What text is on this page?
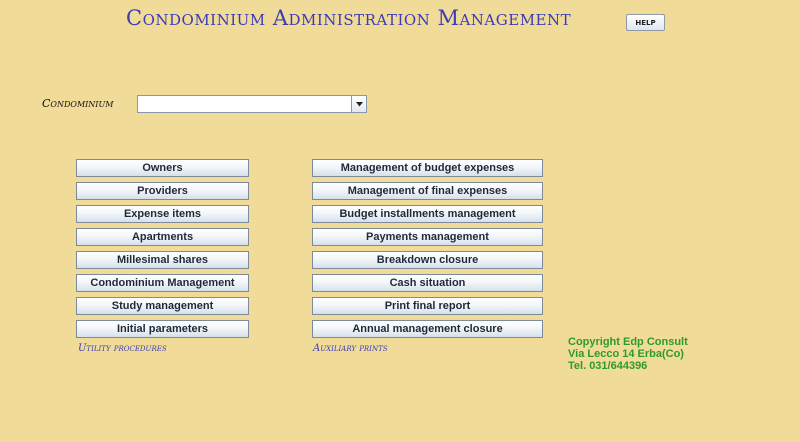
Condominium Administration Management	HELP
Condominium
Owners
Providers
Expense items
Apartments
Millesimal shares
Condominium Management
Study management
Initial parameters
Management of budget expenses
Management of final expenses
Budget installments management
Payments management
Breakdown closure
Cash situation
Print final report
Annual management closure
Utility procedures	Auxiliary prints
Copyright Edp Consult
Via Lecco 14 Erba(Co)
Tel. 031/644396
